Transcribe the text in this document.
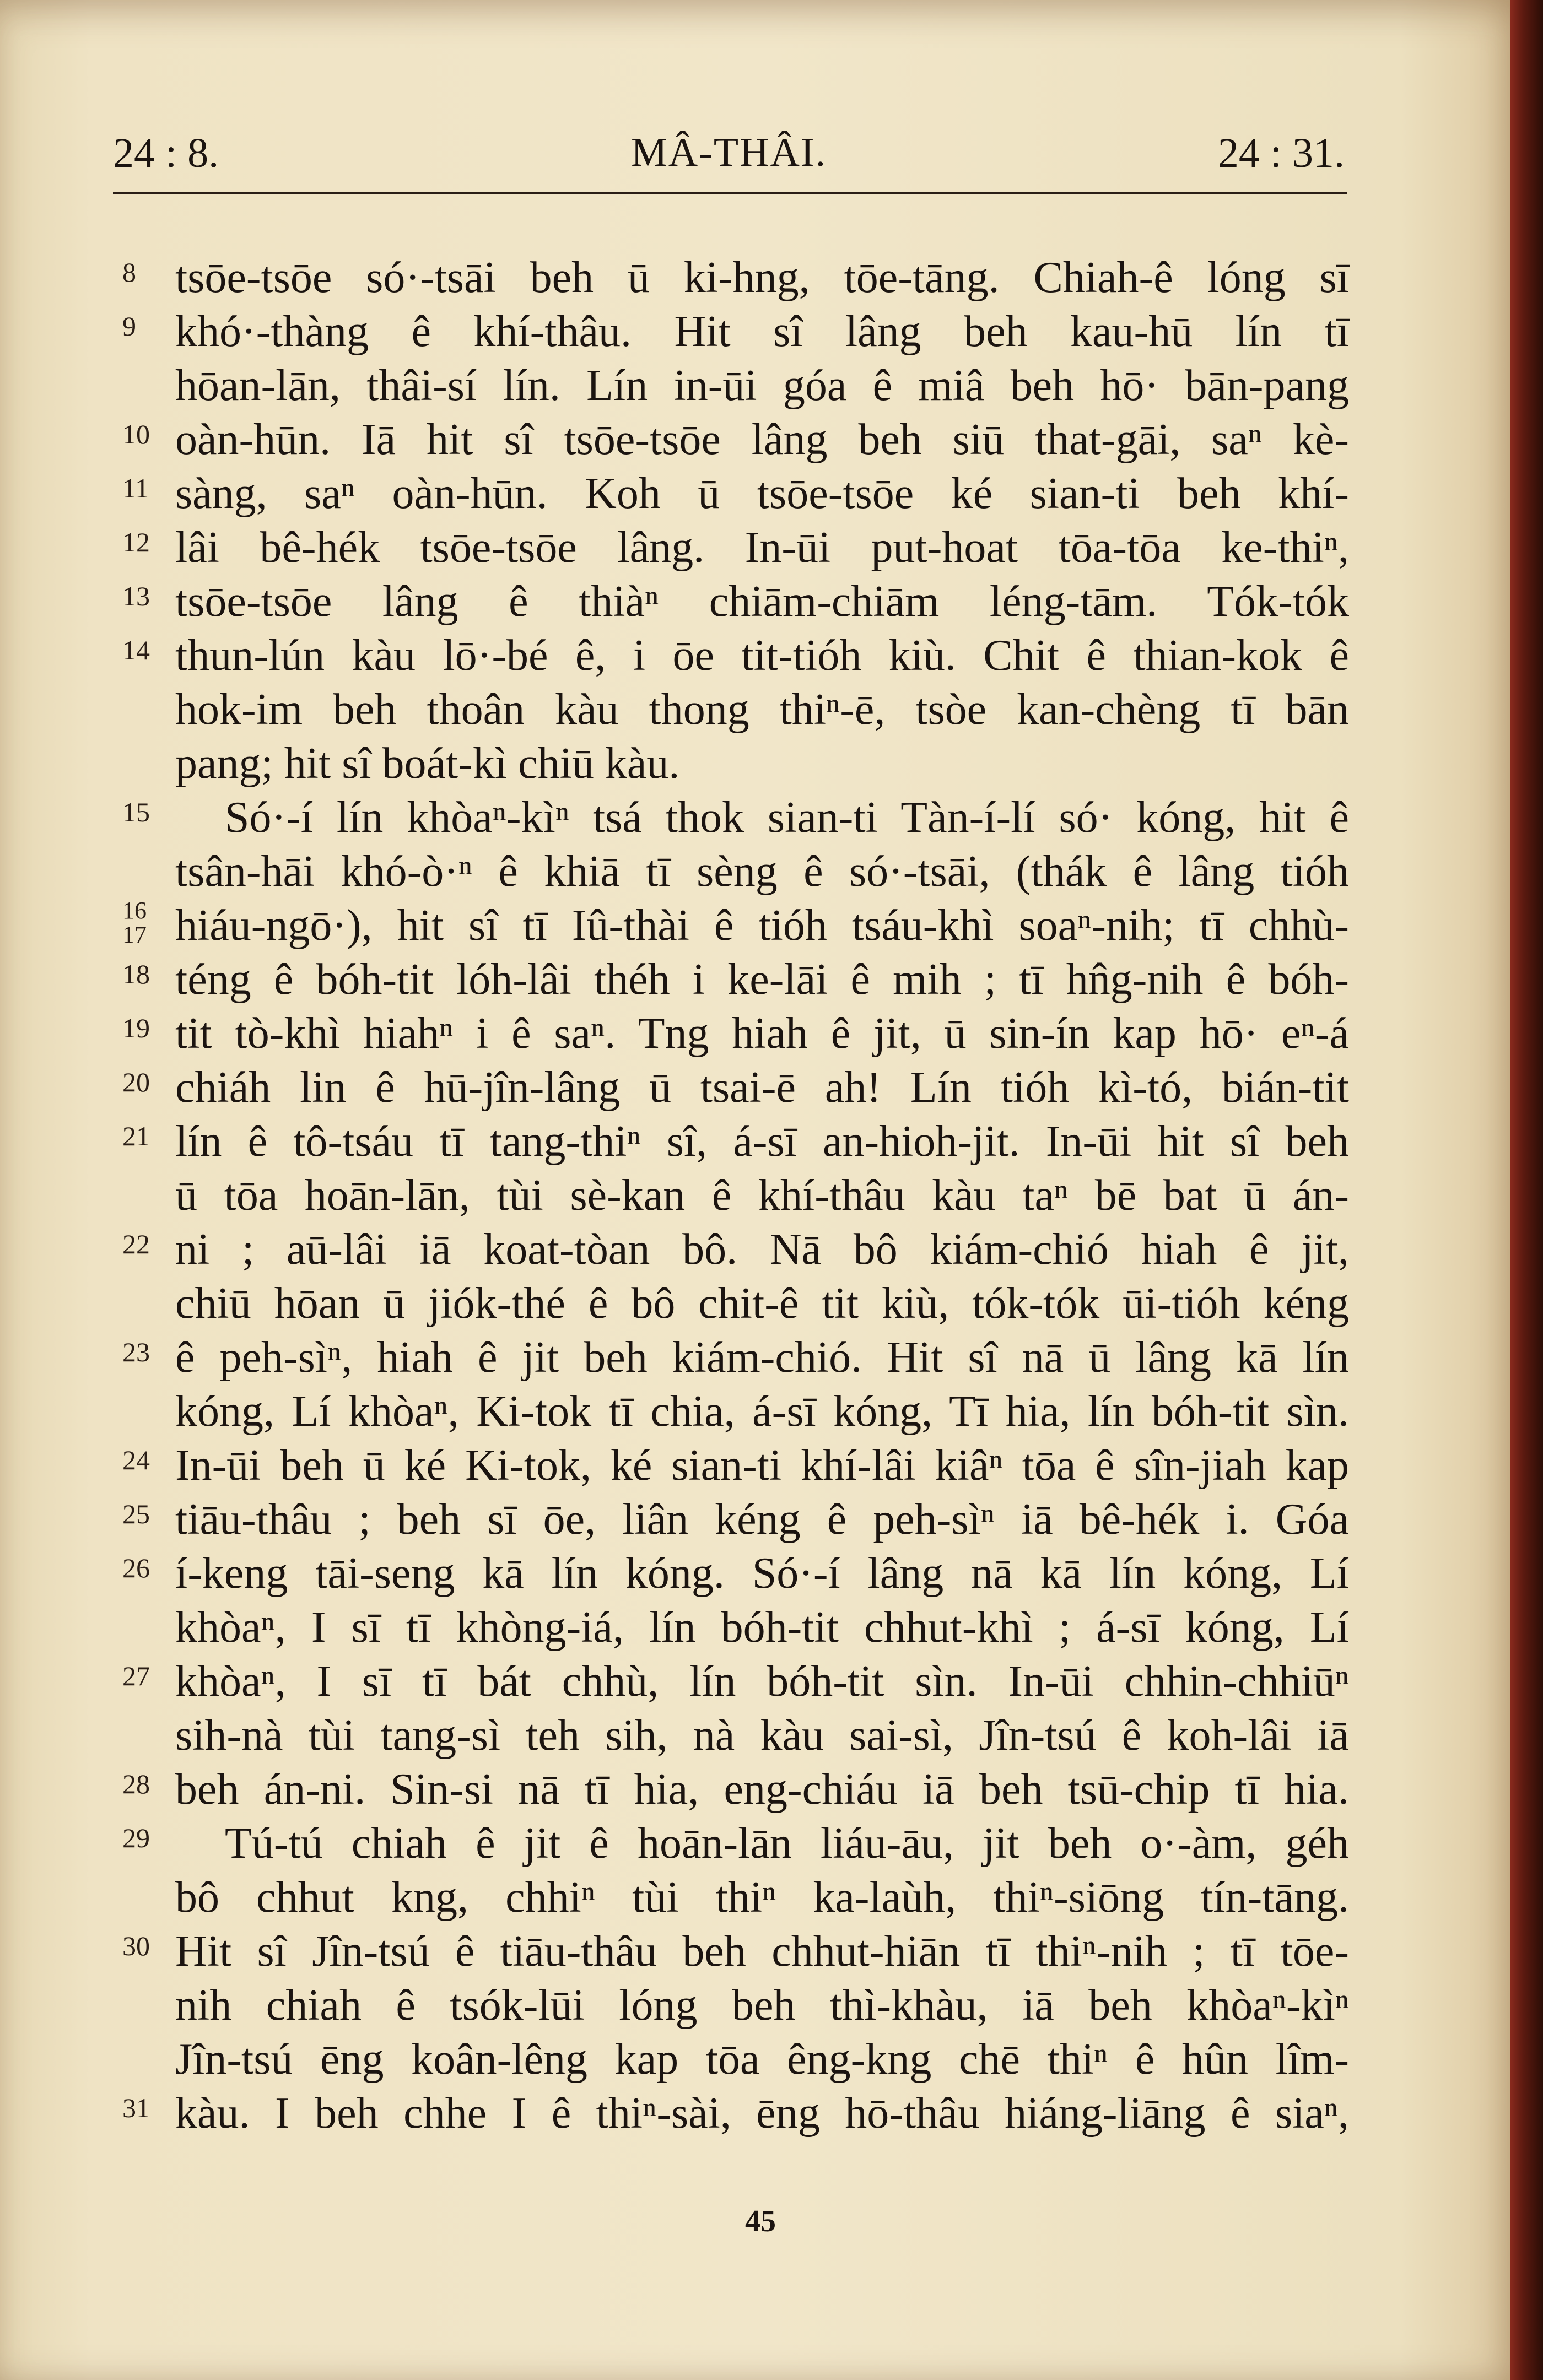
24 : 8.	MÂ-THÂI.	24 : 31.
8 tsōe-tsōe só·-tsāi beh ū ki-hng, tōe-tāng. Chiah-ê lóng sī
9 khó·-thàng ê khí-thâu. Hit sî lâng beh kau-hū lín tī
hōan-lān, thâi-sí lín. Lín in-ūi góa ê miâ beh hō· bān-pang
10 oàn-hūn. Iā hit sî tsōe-tsōe lâng beh siū that-gāi, saⁿ kè-
11 sàng, saⁿ oàn-hūn. Koh ū tsōe-tsōe ké sian-ti beh khí-
12 lâi bê-hék tsōe-tsōe lâng. In-ūi put-hoat tōa-tōa ke-thiⁿ,
13 tsōe-tsōe lâng ê thiàⁿ chiām-chiām léng-tām. Tók-tók
14 thun-lún kàu lō·-bé ê, i ōe tit-tióh kiù. Chit ê thian-kok ê
hok-im beh thoân kàu thong thiⁿ-ē, tsòe kan-chèng tī bān
pang; hit sî boát-kì chiū kàu.
15	Só·-í lín khòaⁿ-kìⁿ tsá thok sian-ti Tàn-í-lí só· kóng, hit ê
tsân-hāi khó-ò·ⁿ ê khiā tī sèng ê só·-tsāi, (thák ê lâng tióh
16
17 hiáu-ngō·), hit sî tī Iû-thài ê tióh tsáu-khì soaⁿ-nih; tī chhù-
18 téng ê bóh-tit lóh-lâi théh i ke-lāi ê mih ; tī hn̂g-nih ê bóh-
19 tit tò-khì hiahⁿ i ê saⁿ. Tng hiah ê jit, ū sin-ín kap hō· eⁿ-á
20 chiáh lin ê hū-jîn-lâng ū tsai-ē ah! Lín tióh kì-tó, bián-tit
21 lín ê tô-tsáu tī tang-thiⁿ sî, á-sī an-hioh-jit. In-ūi hit sî beh
ū tōa hoān-lān, tùi sè-kan ê khí-thâu kàu taⁿ bē bat ū án-
22 ni ; aū-lâi iā koat-tòan bô. Nā bô kiám-chió hiah ê jit,
chiū hōan ū jiók-thé ê bô chit-ê tit kiù, tók-tók ūi-tióh kéng
23 ê peh-sìⁿ, hiah ê jit beh kiám-chió. Hit sî nā ū lâng kā lín
kóng, Lí khòaⁿ, Ki-tok tī chia, á-sī kóng, Tī hia, lín bóh-tit sìn.
24 In-ūi beh ū ké Ki-tok, ké sian-ti khí-lâi kiâⁿ tōa ê sîn-jiah kap
25 tiāu-thâu ; beh sī ōe, liân kéng ê peh-sìⁿ iā bê-hék i. Góa
26 í-keng tāi-seng kā lín kóng. Só·-í lâng nā kā lín kóng, Lí
khòaⁿ, I sī tī khòng-iá, lín bóh-tit chhut-khì ; á-sī kóng, Lí
27 khòaⁿ, I sī tī bát chhù, lín bóh-tit sìn. In-ūi chhin-chhiūⁿ
sih-nà tùi tang-sì teh sih, nà kàu sai-sì, Jîn-tsú ê koh-lâi iā
28 beh án-ni. Sin-si nā tī hia, eng-chiáu iā beh tsū-chip tī hia.
29	Tú-tú chiah ê jit ê hoān-lān liáu-āu, jit beh o·-àm, géh
bô chhut kng, chhiⁿ tùi thiⁿ ka-laùh, thiⁿ-siōng tín-tāng.
30 Hit sî Jîn-tsú ê tiāu-thâu beh chhut-hiān tī thiⁿ-nih ; tī tōe-
nih chiah ê tsók-lūi lóng beh thì-khàu, iā beh khòaⁿ-kìⁿ
Jîn-tsú ēng koân-lêng kap tōa êng-kng chē thiⁿ ê hûn lîm-
31 kàu. I beh chhe I ê thiⁿ-sài, ēng hō-thâu hiáng-liāng ê siaⁿ,
45
